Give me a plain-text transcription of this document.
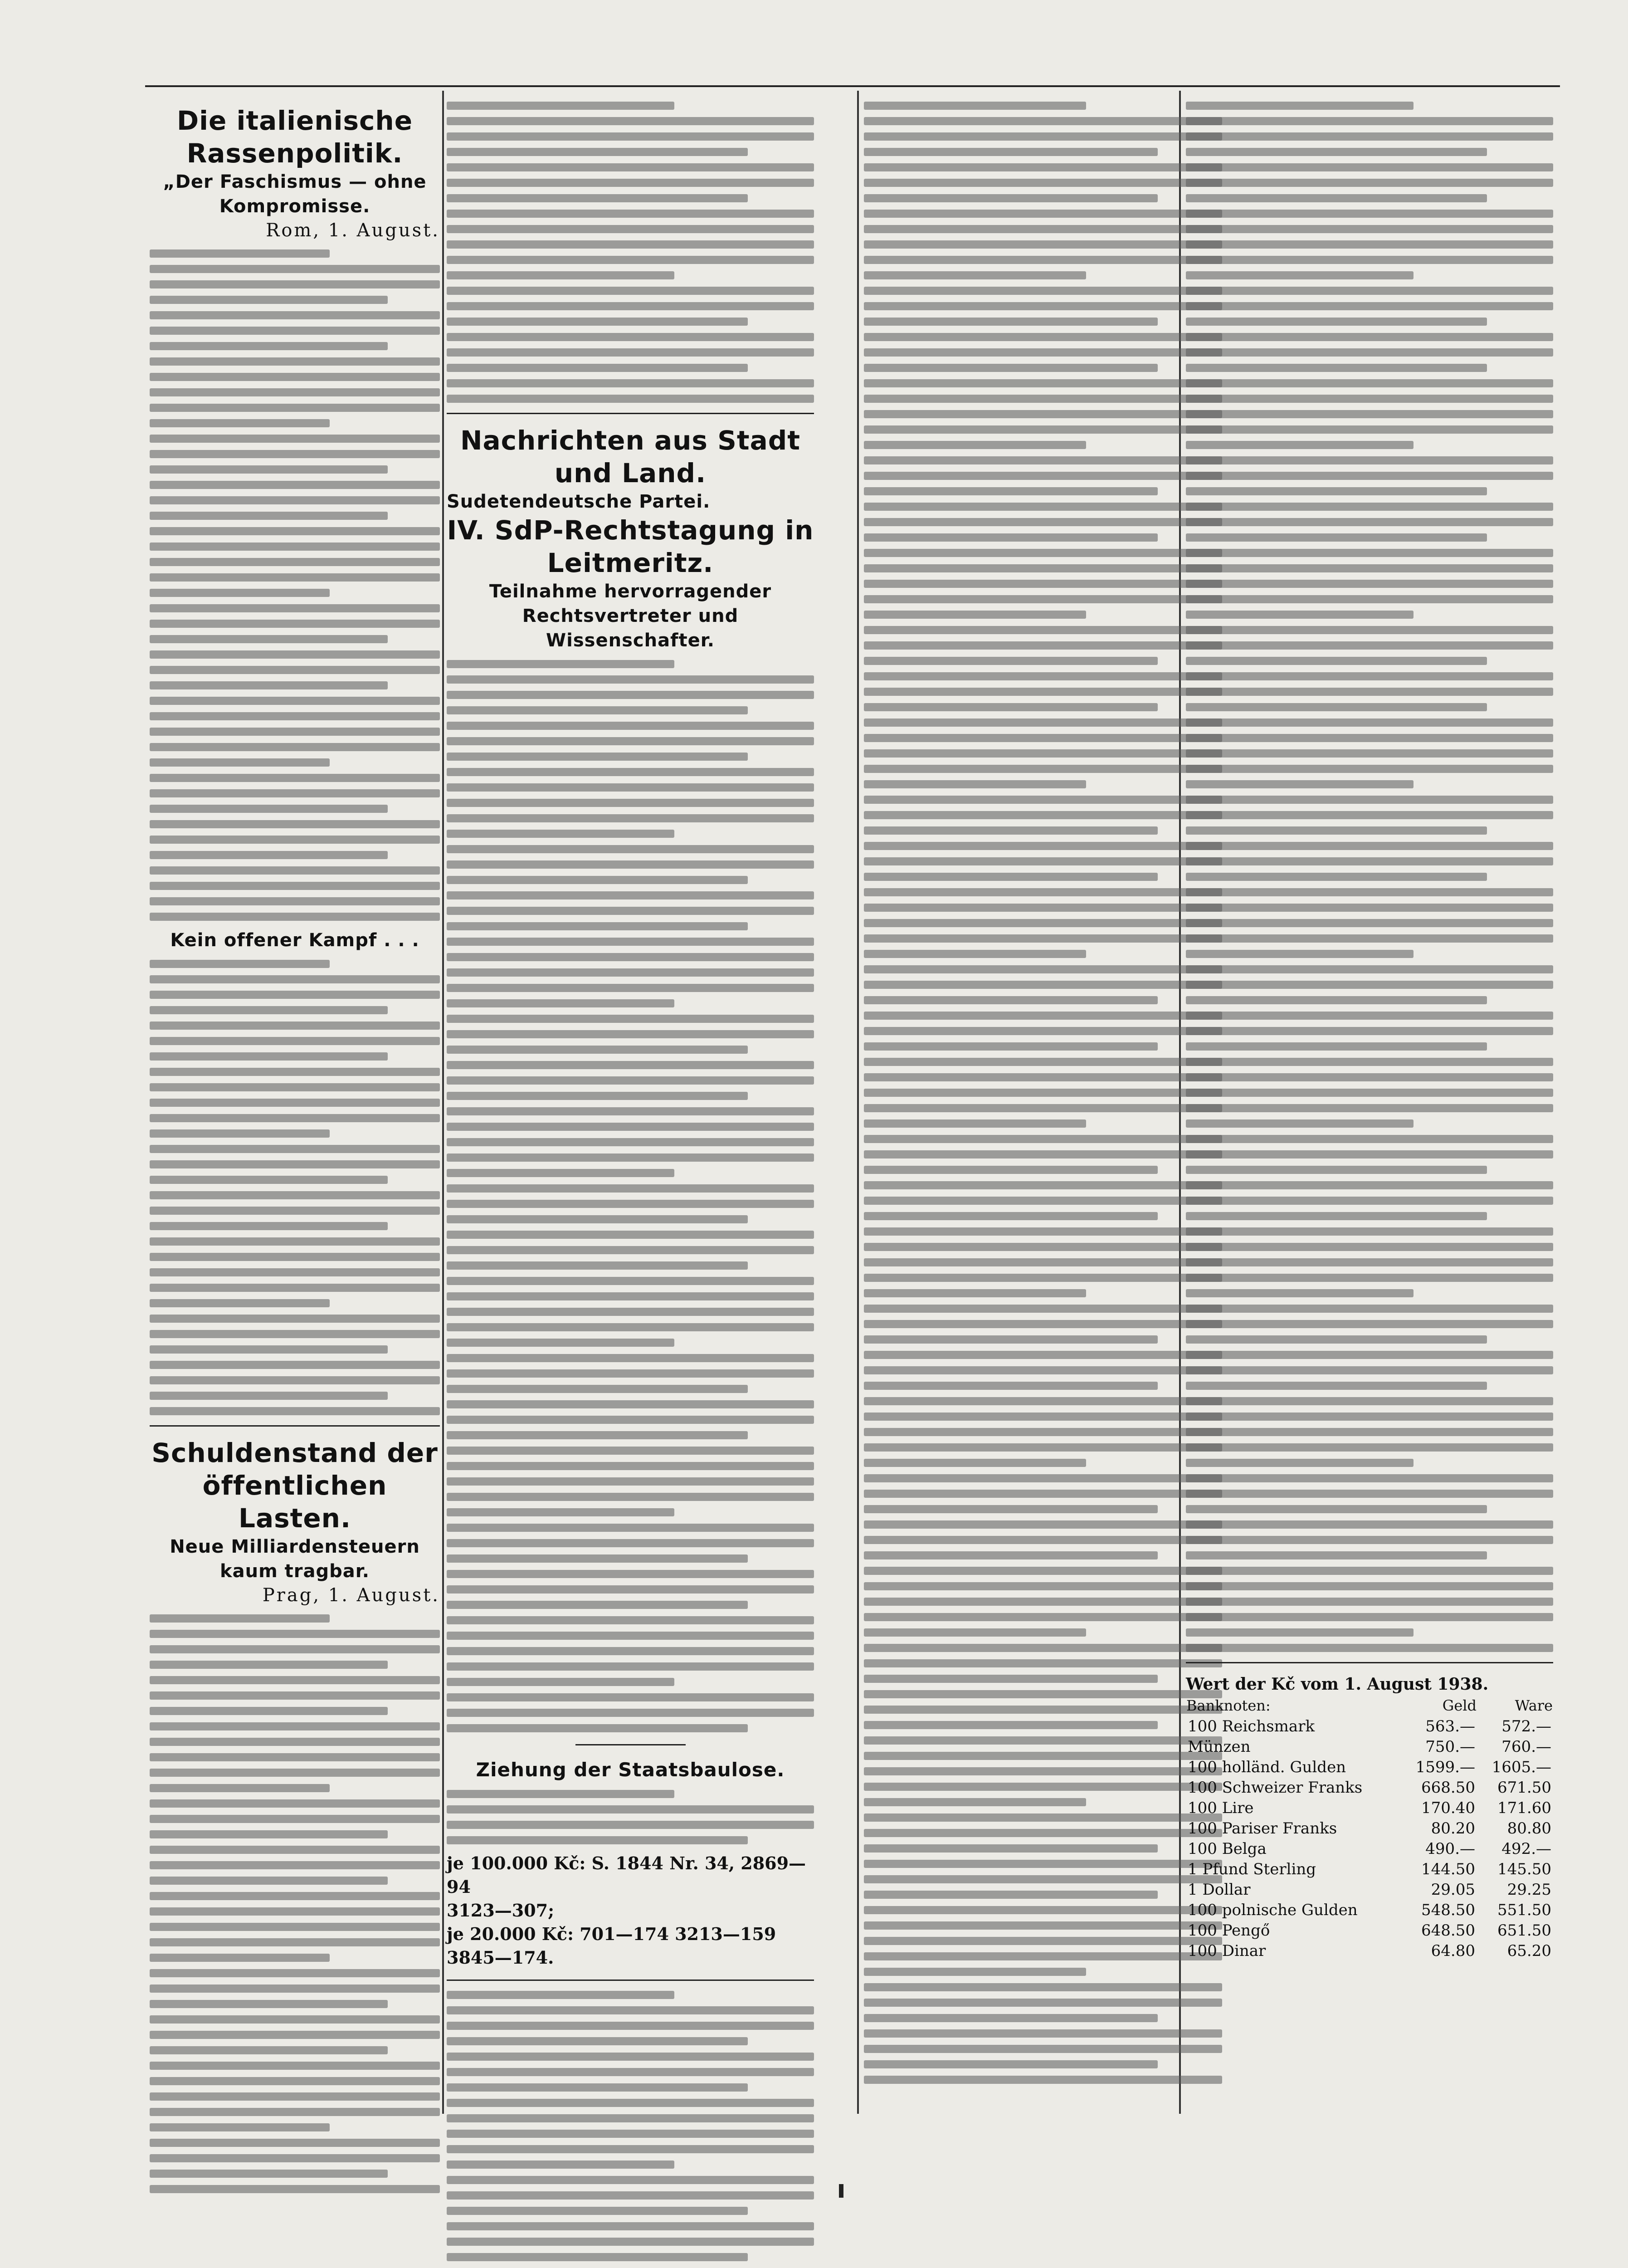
Die italienische Rassenpolitik.
„Der Faschismus — ohne Kompromisse.
Rom, 1. August.
Kein offener Kampf . . .
Schuldenstand der öffentlichen Lasten.
Neue Milliardensteuern kaum tragbar.
Prag, 1. August.
Nachrichten aus Stadt und Land.
Sudetendeutsche Partei.
IV. SdP-Rechtstagung in Leitmeritz.
Teilnahme hervorragender Rechtsvertreter und Wissenschafter.
Ziehung der Staatsbaulose.
je 100.000 Kč: S. 1844 Nr. 34, 2869—94
3123—307;
je 20.000 Kč: 701—174 3213—159 3845—174.
Wert der Kč vom 1. August 1938.
Banknoten:	Geld	Ware
100 Reichsmark	563.—	572.—
Münzen	750.—	760.—
100 holländ. Gulden	1599.—	1605.—
100 Schweizer Franks	668.50	671.50
100 Lire	170.40	171.60
100 Pariser Franks	80.20	80.80
100 Belga	490.—	492.—
1 Pfund Sterling	144.50	145.50
1 Dollar	29.05	29.25
100 polnische Gulden	548.50	551.50
100 Pengő	648.50	651.50
100 Dinar	64.80	65.20
